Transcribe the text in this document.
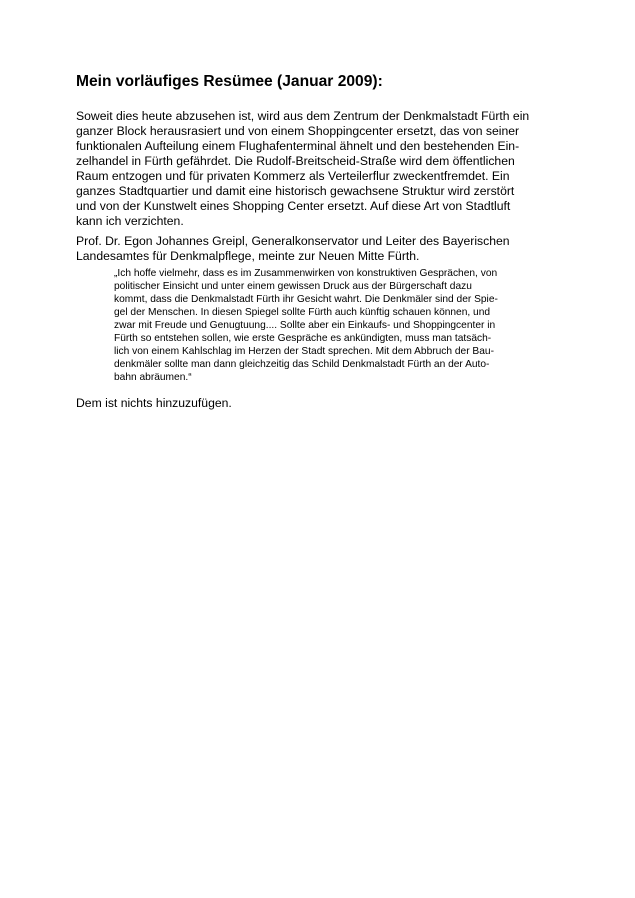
Mein vorläufiges Resümee (Januar 2009):
Soweit dies heute abzusehen ist, wird aus dem Zentrum der Denkmalstadt Fürth ein
ganzer Block herausrasiert und von einem Shoppingcenter ersetzt, das von seiner
funktionalen Aufteilung einem Flughafenterminal ähnelt und den bestehenden Ein-
zelhandel in Fürth gefährdet. Die Rudolf-Breitscheid-Straße wird dem öffentlichen
Raum entzogen und für privaten Kommerz als Verteilerflur zweckentfremdet. Ein
ganzes Stadtquartier und damit eine historisch gewachsene Struktur wird zerstört
und von der Kunstwelt eines Shopping Center ersetzt. Auf diese Art von Stadtluft
kann ich verzichten.
Prof. Dr. Egon Johannes Greipl, Generalkonservator und Leiter des Bayerischen
Landesamtes für Denkmalpflege, meinte zur Neuen Mitte Fürth.
„Ich hoffe vielmehr, dass es im Zusammenwirken von konstruktiven Gesprächen, von
politischer Einsicht und unter einem gewissen Druck aus der Bürgerschaft dazu
kommt, dass die Denkmalstadt Fürth ihr Gesicht wahrt. Die Denkmäler sind der Spie-
gel der Menschen. In diesen Spiegel sollte Fürth auch künftig schauen können, und
zwar mit Freude und Genugtuung.... Sollte aber ein Einkaufs- und Shoppingcenter in
Fürth so entstehen sollen, wie erste Gespräche es ankündigten, muss man tatsäch-
lich von einem Kahlschlag im Herzen der Stadt sprechen. Mit dem Abbruch der Bau-
denkmäler sollte man dann gleichzeitig das Schild Denkmalstadt Fürth an der Auto-
bahn abräumen.“

Dem ist nichts hinzuzufügen.
